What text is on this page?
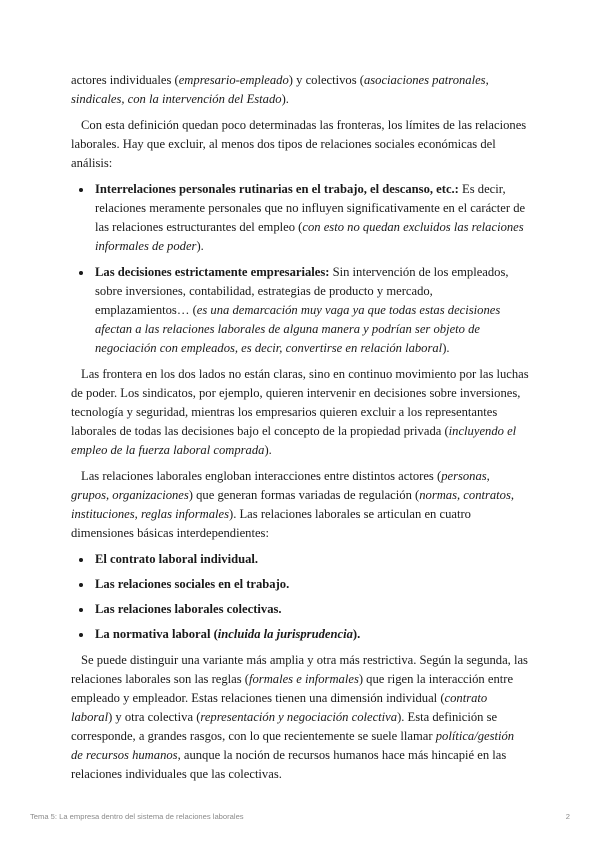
actores individuales (empresario-empleado) y colectivos (asociaciones patronales, sindicales, con la intervención del Estado).

Con esta definición quedan poco determinadas las fronteras, los límites de las relaciones laborales. Hay que excluir, al menos dos tipos de relaciones sociales económicas del análisis:

• Interrelaciones personales rutinarias en el trabajo, el descanso, etc.: Es decir, relaciones meramente personales que no influyen significativamente en el carácter de las relaciones estructurantes del empleo (con esto no quedan excluidos las relaciones informales de poder).
• Las decisiones estrictamente empresariales: Sin intervención de los empleados, sobre inversiones, contabilidad, estrategias de producto y mercado, emplazamientos… (es una demarcación muy vaga ya que todas estas decisiones afectan a las relaciones laborales de alguna manera y podrían ser objeto de negociación con empleados, es decir, convertirse en relación laboral).

Las frontera en los dos lados no están claras, sino en continuo movimiento por las luchas de poder. Los sindicatos, por ejemplo, quieren intervenir en decisiones sobre inversiones, tecnología y seguridad, mientras los empresarios quieren excluir a los representantes laborales de todas las decisiones bajo el concepto de la propiedad privada (incluyendo el empleo de la fuerza laboral comprada).

Las relaciones laborales engloban interacciones entre distintos actores (personas, grupos, organizaciones) que generan formas variadas de regulación (normas, contratos, instituciones, reglas informales). Las relaciones laborales se articulan en cuatro dimensiones básicas interdependientes:

• El contrato laboral individual.
• Las relaciones sociales en el trabajo.
• Las relaciones laborales colectivas.
• La normativa laboral (incluida la jurisprudencia).

Se puede distinguir una variante más amplia y otra más restrictiva. Según la segunda, las relaciones laborales son las reglas (formales e informales) que rigen la interacción entre empleado y empleador. Estas relaciones tienen una dimensión individual (contrato laboral) y otra colectiva (representación y negociación colectiva). Esta definición se corresponde, a grandes rasgos, con lo que recientemente se suele llamar política/gestión de recursos humanos, aunque la noción de recursos humanos hace más hincapié en las relaciones individuales que las colectivas.

Tema 5: La empresa dentro del sistema de relaciones laborales	2
